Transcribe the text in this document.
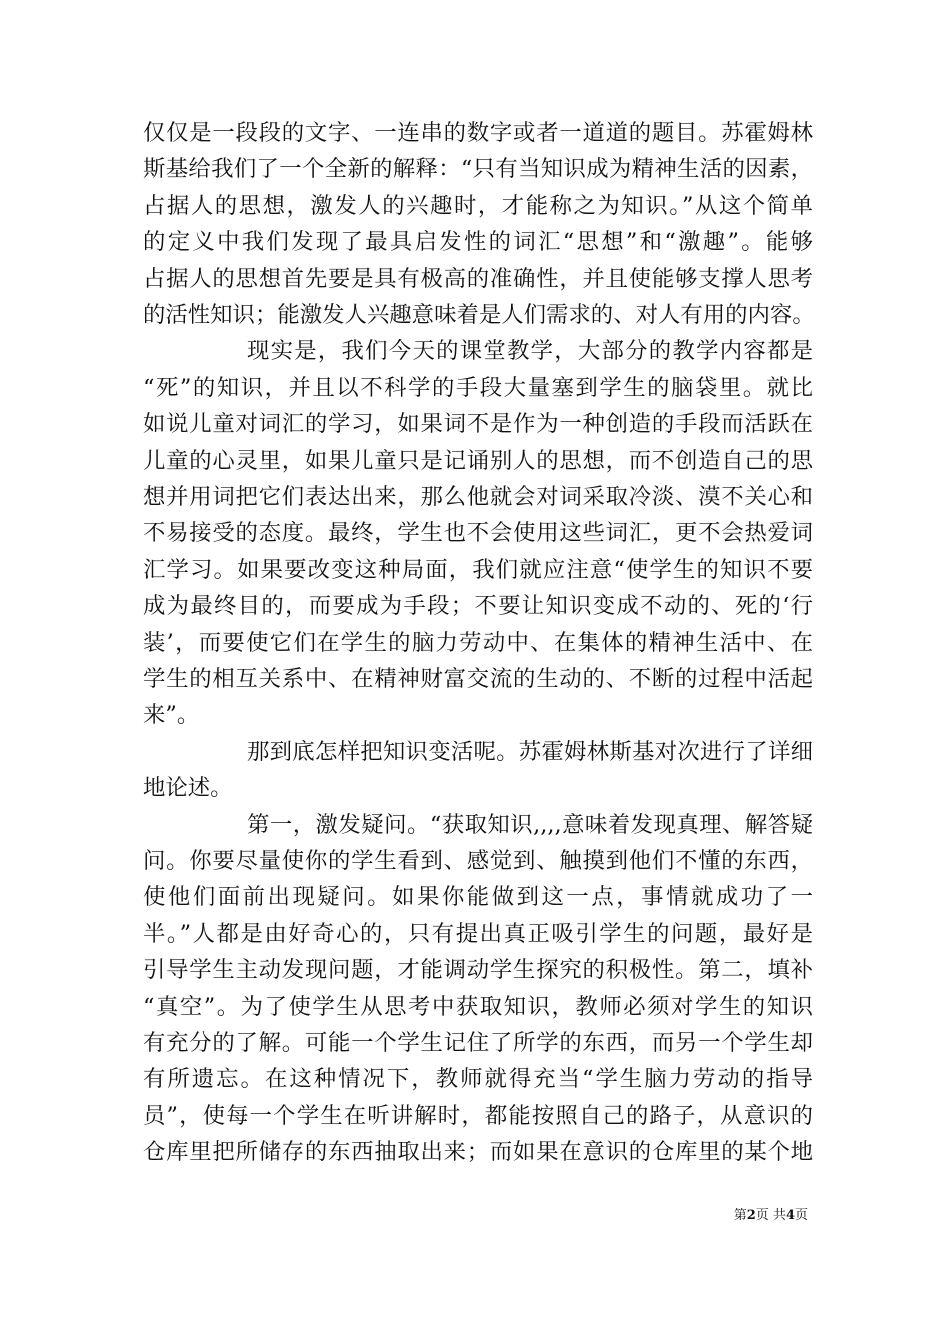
仅仅是一段段的文字、一连串的数字或者一道道的题目。苏霍姆林
斯基给我们了一个全新的解释：“只有当知识成为精神生活的因素，
占据人的思想，激发人的兴趣时，才能称之为知识。”从这个简单
的定义中我们发现了最具启发性的词汇“思想”和“激趣”。能够
占据人的思想首先要是具有极高的准确性，并且使能够支撑人思考
的活性知识；能激发人兴趣意味着是人们需求的、对人有用的内容。
现实是，我们今天的课堂教学，大部分的教学内容都是
“死”的知识，并且以不科学的手段大量塞到学生的脑袋里。就比
如说儿童对词汇的学习，如果词不是作为一种创造的手段而活跃在
儿童的心灵里，如果儿童只是记诵别人的思想，而不创造自己的思
想并用词把它们表达出来，那么他就会对词采取冷淡、漠不关心和
不易接受的态度。最终，学生也不会使用这些词汇，更不会热爱词
汇学习。如果要改变这种局面，我们就应注意“使学生的知识不要
成为最终目的，而要成为手段；不要让知识变成不动的、死的‘行
装’，而要使它们在学生的脑力劳动中、在集体的精神生活中、在
学生的相互关系中、在精神财富交流的生动的、不断的过程中活起
来”。
那到底怎样把知识变活呢。苏霍姆林斯基对次进行了详细
地论述。
第一，激发疑问。“获取知识,,,,意味着发现真理、解答疑
问。你要尽量使你的学生看到、感觉到、触摸到他们不懂的东西，
使他们面前出现疑问。如果你能做到这一点，事情就成功了一
半。”人都是由好奇心的，只有提出真正吸引学生的问题，最好是
引导学生主动发现问题，才能调动学生探究的积极性。第二，填补
“真空”。为了使学生从思考中获取知识，教师必须对学生的知识
有充分的了解。可能一个学生记住了所学的东西，而另一个学生却
有所遗忘。在这种情况下，教师就得充当“学生脑力劳动的指导
员”，使每一个学生在听讲解时，都能按照自己的路子，从意识的
仓库里把所储存的东西抽取出来；而如果在意识的仓库里的某个地
第2页 共4页
